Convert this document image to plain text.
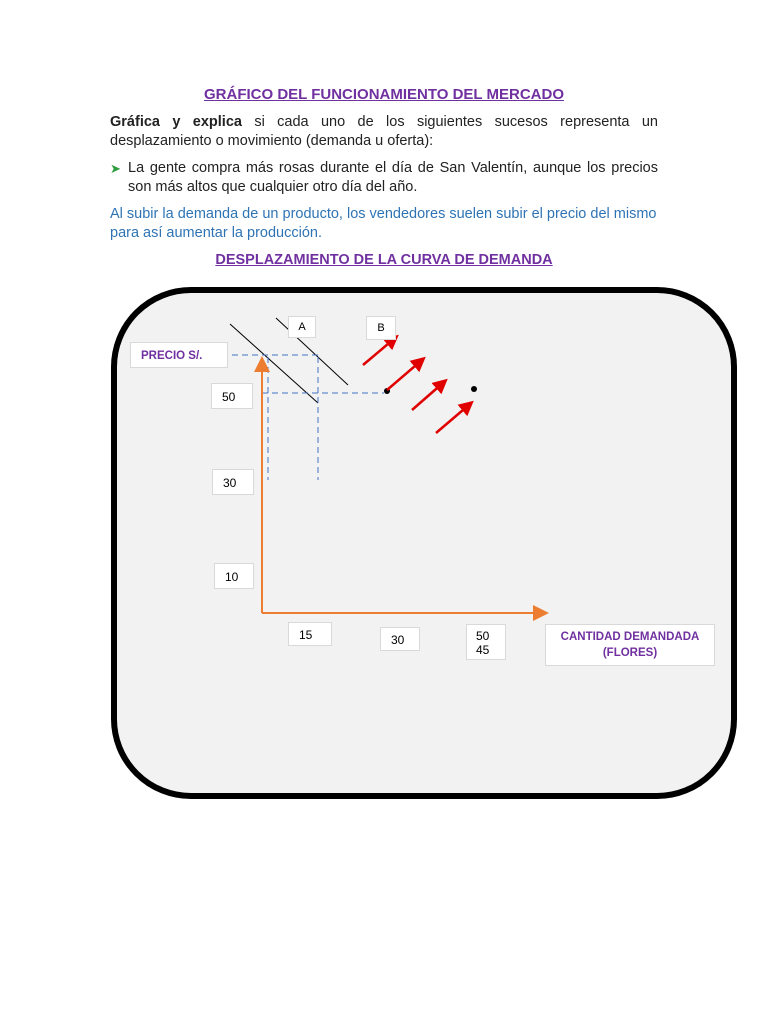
GRÁFICO DEL FUNCIONAMIENTO DEL MERCADO
Gráfica y explica si cada uno de los siguientes sucesos representa un desplazamiento o movimiento (demanda u oferta):
➤ La gente compra más rosas durante el día de San Valentín, aunque los precios son más altos que cualquier otro día del año.
Al subir la demanda de un producto, los vendedores suelen subir el precio del mismo para así aumentar la producción.
DESPLAZAMIENTO DE LA CURVA DE DEMANDA
A	B
PRECIO S/.
50
30
10
15	30	50
45
CANTIDAD DEMANDADA
(FLORES)
